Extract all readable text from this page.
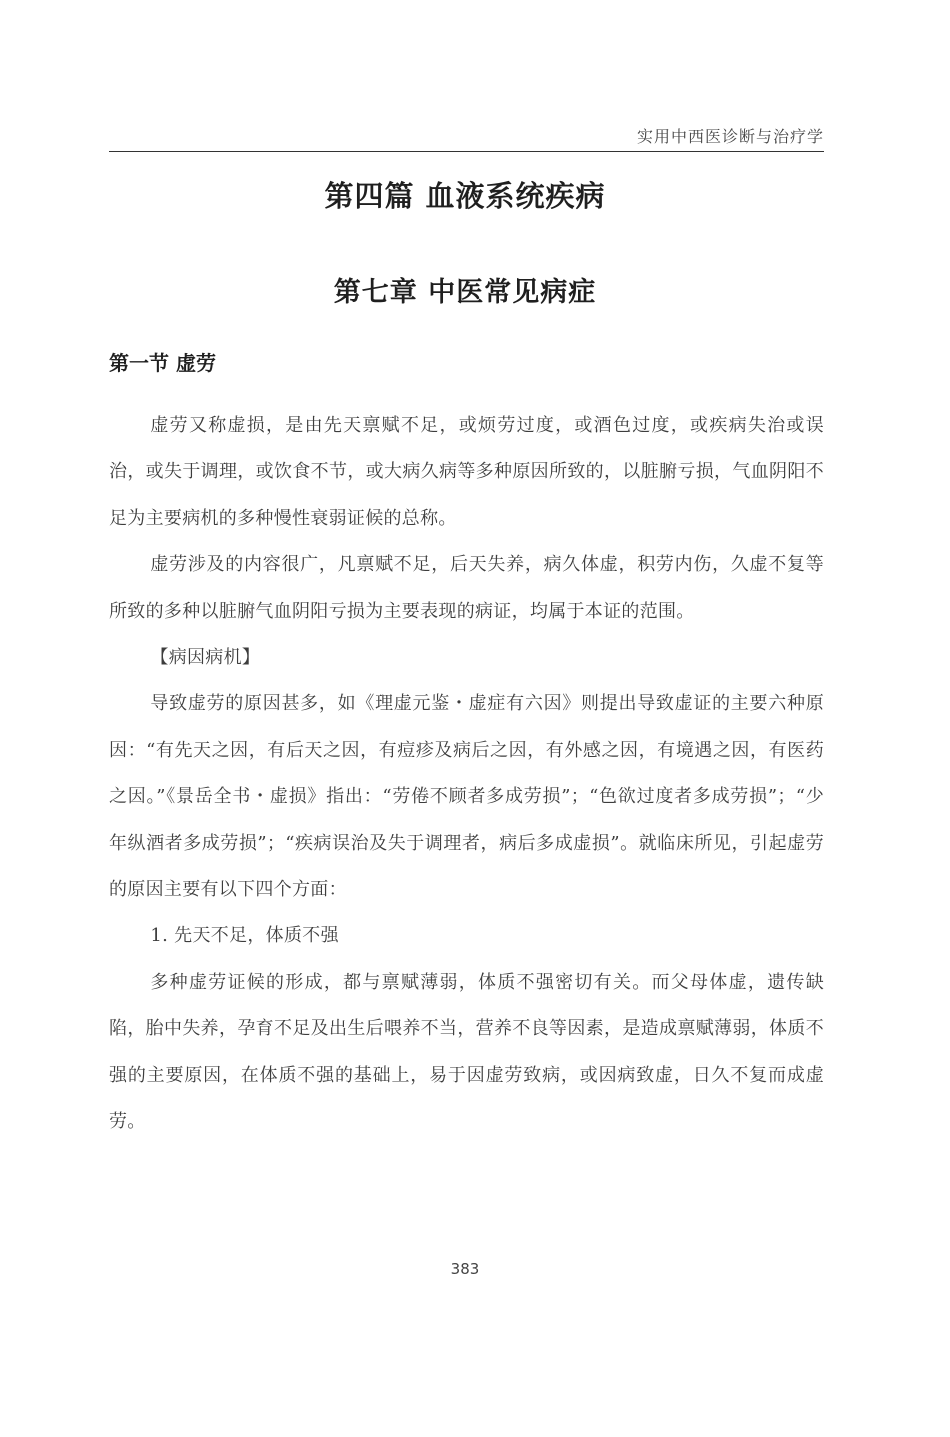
实用中西医诊断与治疗学
第四篇 血液系统疾病
第七章 中医常见病症
第一节 虚劳

虚劳又称虚损，是由先天禀赋不足，或烦劳过度，或酒色过度，或疾病失治或误治，或失于调理，或饮食不节，或大病久病等多种原因所致的，以脏腑亏损，气血阴阳不足为主要病机的多种慢性衰弱证候的总称。

虚劳涉及的内容很广，凡禀赋不足，后天失养，病久体虚，积劳内伤，久虚不复等所致的多种以脏腑气血阴阳亏损为主要表现的病证，均属于本证的范围。

【病因病机】

导致虚劳的原因甚多，如《理虚元鉴・虚症有六因》则提出导致虚证的主要六种原因：“有先天之因，有后天之因，有痘疹及病后之因，有外感之因，有境遇之因，有医药之因。”《景岳全书・虚损》指出：“劳倦不顾者多成劳损”；“色欲过度者多成劳损”；“少年纵酒者多成劳损”；“疾病误治及失于调理者，病后多成虚损”。就临床所见，引起虚劳的原因主要有以下四个方面：

1. 先天不足，体质不强

多种虚劳证候的形成，都与禀赋薄弱，体质不强密切有关。而父母体虚，遗传缺陷，胎中失养，孕育不足及出生后喂养不当，营养不良等因素，是造成禀赋薄弱，体质不强的主要原因，在体质不强的基础上，易于因虚劳致病，或因病致虚，日久不复而成虚劳。

383
